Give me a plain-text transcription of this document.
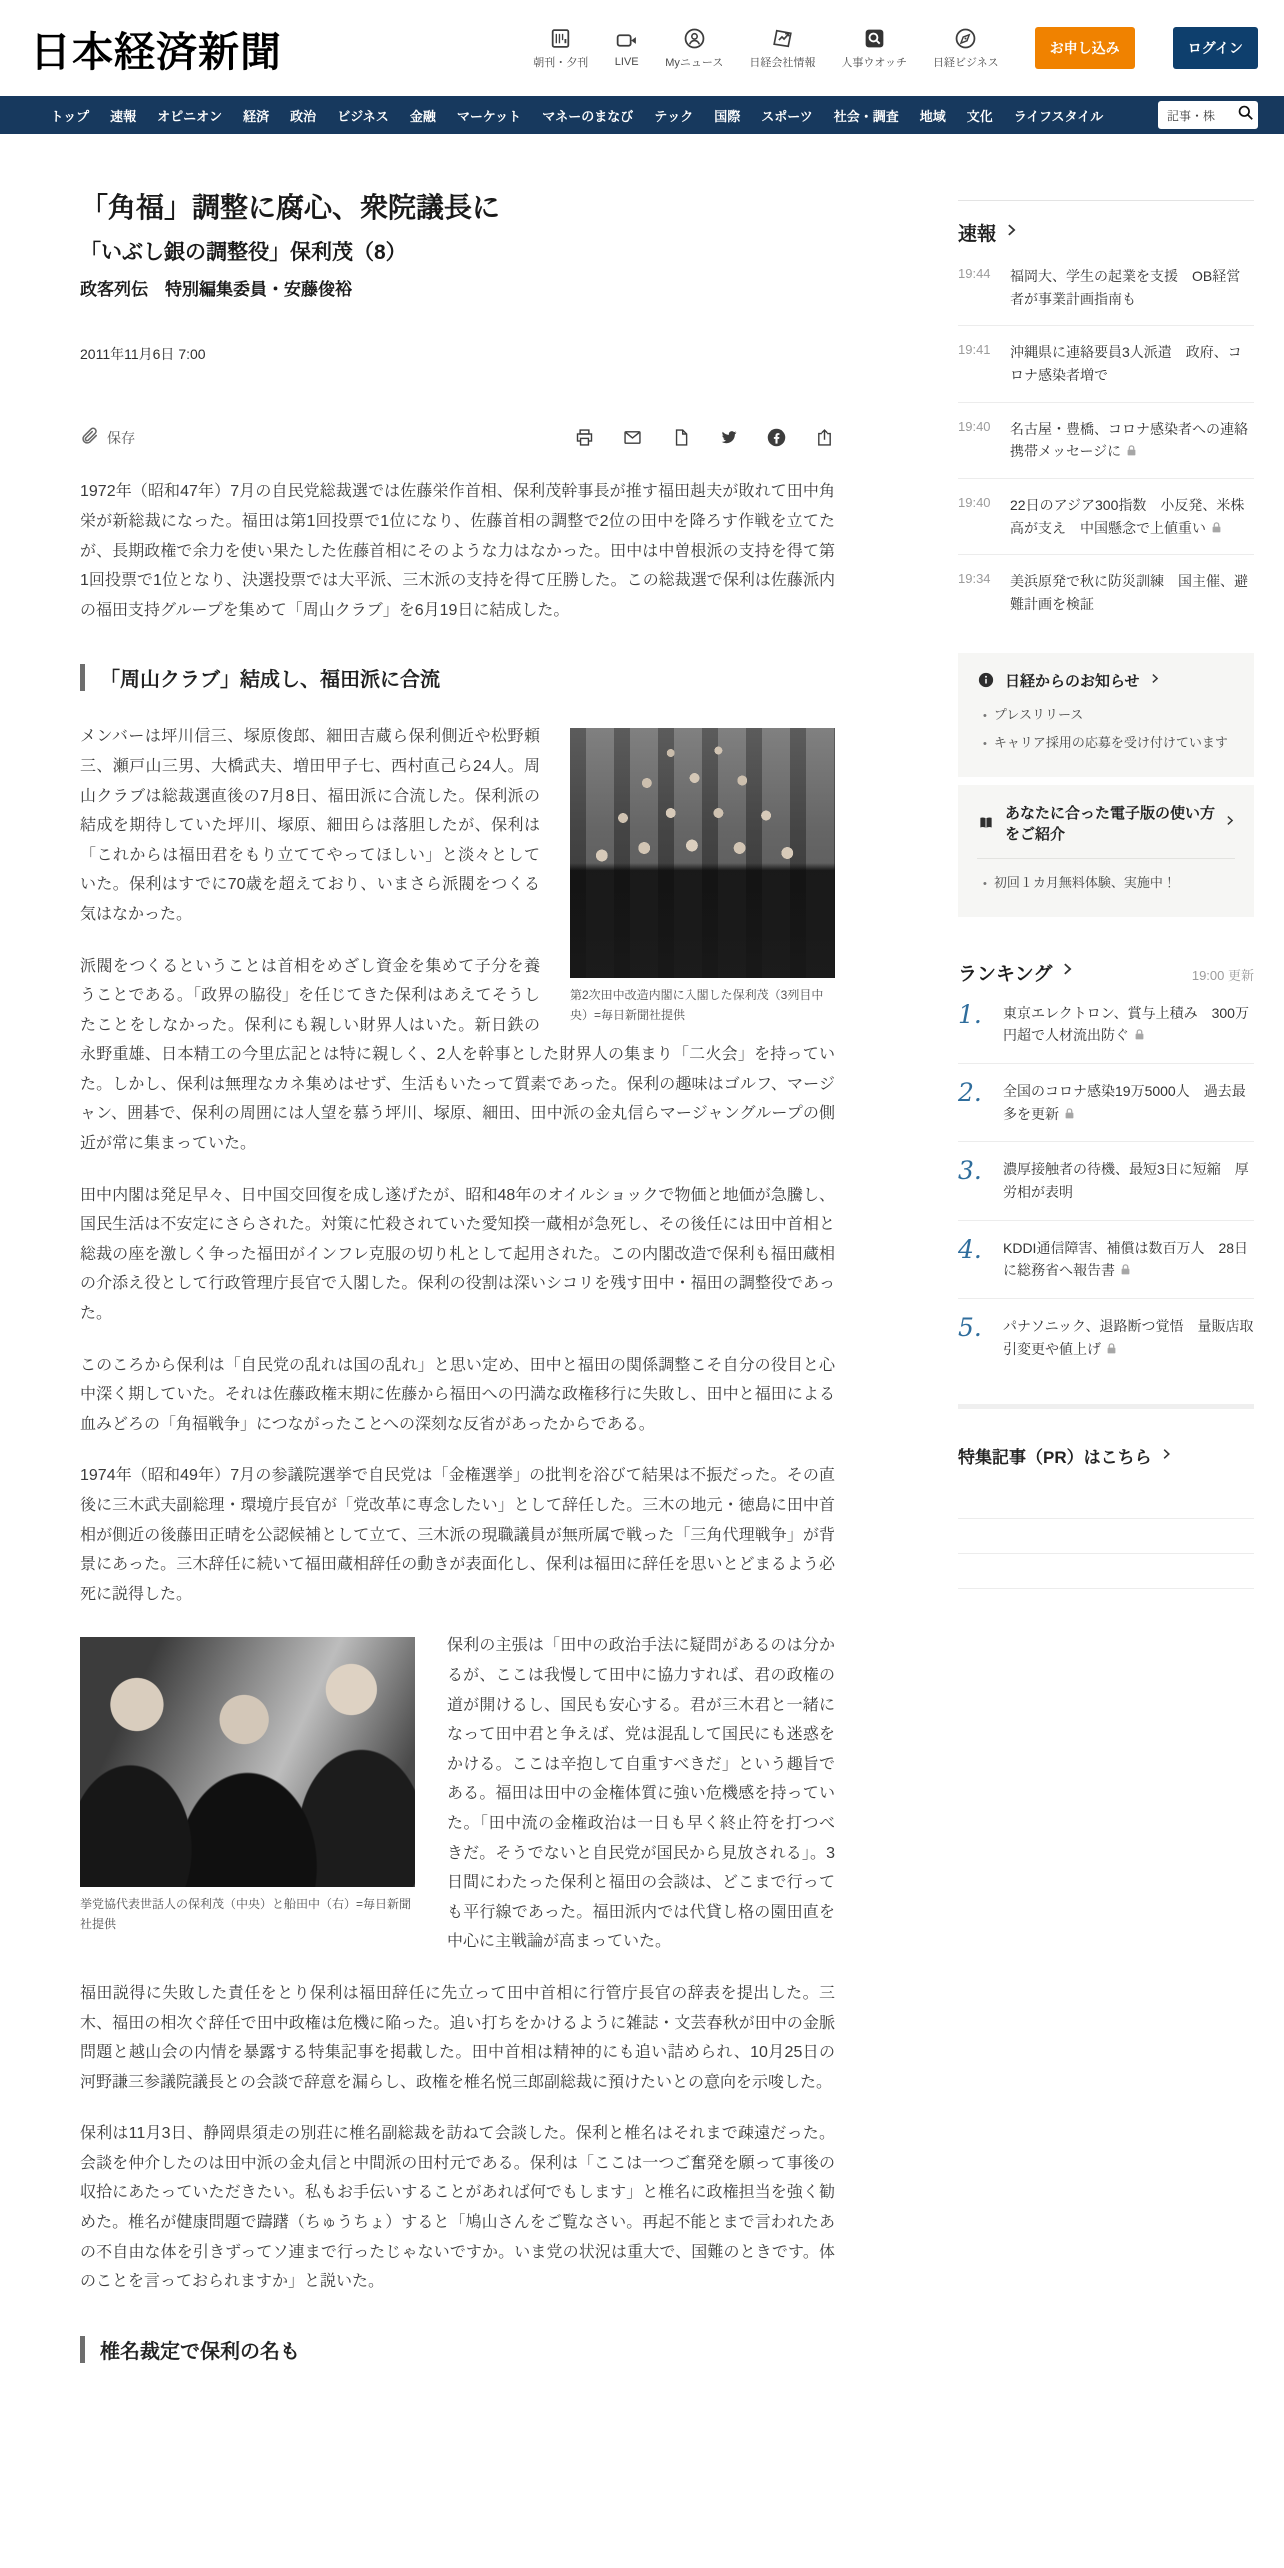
日本経済新聞	朝刊・夕刊 LIVE Myニュース 日経会社情報 人事ウオッチ 日経ビジネス
お申し込み	ログイン
トップ	速報	オピニオン	経済	政治	ビジネス	金融	マーケット	マネーのまなび	テック	国際	スポーツ	社会・調査	地域	文化	ライフスタイル	記事・株
「角福」調整に腐心、衆院議長に
「いぶし銀の調整役」保利茂（8）
政客列伝　特別編集委員・安藤俊裕
2011年11月6日 7:00
保存

1972年（昭和47年）7月の自民党総裁選では佐藤栄作首相、保利茂幹事長が推す福田赳夫が敗れて田中角栄が新総裁になった。福田は第1回投票で1位になり、佐藤首相の調整で2位の田中を降ろす作戦を立てたが、長期政権で余力を使い果たした佐藤首相にそのような力はなかった。田中は中曽根派の支持を得て第1回投票で1位となり、決選投票では大平派、三木派の支持を得て圧勝した。この総裁選で保利は佐藤派内の福田支持グループを集めて「周山クラブ」を6月19日に結成した。

「周山クラブ」結成し、福田派に合流
第2次田中改造内閣に入閣した保利茂（3列目中央）=毎日新聞社提供

メンバーは坪川信三、塚原俊郎、細田吉蔵ら保利側近や松野頼三、瀬戸山三男、大橋武夫、増田甲子七、西村直己ら24人。周山クラブは総裁選直後の7月8日、福田派に合流した。保利派の結成を期待していた坪川、塚原、細田らは落胆したが、保利は「これからは福田君をもり立ててやってほしい」と淡々としていた。保利はすでに70歳を超えており、いまさら派閥をつくる気はなかった。

派閥をつくるということは首相をめざし資金を集めて子分を養うことである。「政界の脇役」を任じてきた保利はあえてそうしたことをしなかった。保利にも親しい財界人はいた。新日鉄の永野重雄、日本精工の今里広記とは特に親しく、2人を幹事とした財界人の集まり「二火会」を持っていた。しかし、保利は無理なカネ集めはせず、生活もいたって質素であった。保利の趣味はゴルフ、マージャン、囲碁で、保利の周囲には人望を慕う坪川、塚原、細田、田中派の金丸信らマージャングループの側近が常に集まっていた。

田中内閣は発足早々、日中国交回復を成し遂げたが、昭和48年のオイルショックで物価と地価が急騰し、国民生活は不安定にさらされた。対策に忙殺されていた愛知揆一蔵相が急死し、その後任には田中首相と総裁の座を激しく争った福田がインフレ克服の切り札として起用された。この内閣改造で保利も福田蔵相の介添え役として行政管理庁長官で入閣した。保利の役割は深いシコリを残す田中・福田の調整役であった。

このころから保利は「自民党の乱れは国の乱れ」と思い定め、田中と福田の関係調整こそ自分の役目と心中深く期していた。それは佐藤政権末期に佐藤から福田への円満な政権移行に失敗し、田中と福田による血みどろの「角福戦争」につながったことへの深刻な反省があったからである。

1974年（昭和49年）7月の参議院選挙で自民党は「金権選挙」の批判を浴びて結果は不振だった。その直後に三木武夫副総理・環境庁長官が「党改革に専念したい」として辞任した。三木の地元・徳島に田中首相が側近の後藤田正晴を公認候補として立て、三木派の現職議員が無所属で戦った「三角代理戦争」が背景にあった。三木辞任に続いて福田蔵相辞任の動きが表面化し、保利は福田に辞任を思いとどまるよう必死に説得した。

挙党協代表世話人の保利茂（中央）と船田中（右）=毎日新聞社提供

保利の主張は「田中の政治手法に疑問があるのは分かるが、ここは我慢して田中に協力すれば、君の政権の道が開けるし、国民も安心する。君が三木君と一緒になって田中君と争えば、党は混乱して国民にも迷惑をかける。ここは辛抱して自重すべきだ」という趣旨である。福田は田中の金権体質に強い危機感を持っていた。「田中流の金権政治は一日も早く終止符を打つべきだ。そうでないと自民党が国民から見放される」。3日間にわたった保利と福田の会談は、どこまで行っても平行線であった。福田派内では代貸し格の園田直を中心に主戦論が高まっていた。

福田説得に失敗した責任をとり保利は福田辞任に先立って田中首相に行管庁長官の辞表を提出した。三木、福田の相次ぐ辞任で田中政権は危機に陥った。追い打ちをかけるように雑誌・文芸春秋が田中の金脈問題と越山会の内情を暴露する特集記事を掲載した。田中首相は精神的にも追い詰められ、10月25日の河野謙三参議院議長との会談で辞意を漏らし、政権を椎名悦三郎副総裁に預けたいとの意向を示唆した。

保利は11月3日、静岡県須走の別荘に椎名副総裁を訪ねて会談した。保利と椎名はそれまで疎遠だった。会談を仲介したのは田中派の金丸信と中間派の田村元である。保利は「ここは一つご奮発を願って事後の収拾にあたっていただきたい。私もお手伝いすることがあれば何でもします」と椎名に政権担当を強く勧めた。椎名が健康問題で躊躇（ちゅうちょ）すると「鳩山さんをご覧なさい。再起不能とまで言われたあの不自由な体を引きずってソ連まで行ったじゃないですか。いま党の状況は重大で、国難のときです。体のことを言っておられますか」と説いた。

椎名裁定で保利の名も
速報
19:44	福岡大、学生の起業を支援　OB経営者が事業計画指南も
19:41	沖縄県に連絡要員3人派遣　政府、コロナ感染者増で
19:40	名古屋・豊橋、コロナ感染者への連絡　携帯メッセージに
19:40	22日のアジア300指数　小反発、米株高が支え　中国懸念で上値重い
19:34	美浜原発で秋に防災訓練　国主催、避難計画を検証
日経からのお知らせ
• プレスリリース
• キャリア採用の応募を受け付けています
あなたに合った電子版の使い方をご紹介
• 初回１カ月無料体験、実施中！
ランキング	19:00 更新
1. 東京エレクトロン、賞与上積み　300万円超で人材流出防ぐ
2. 全国のコロナ感染19万5000人　過去最多を更新
3. 濃厚接触者の待機、最短3日に短縮　厚労相が表明
4. KDDI通信障害、補償は数百万人　28日に総務省へ報告書
5. パナソニック、退路断つ覚悟　量販店取引変更や値上げ
特集記事（PR）はこちら
